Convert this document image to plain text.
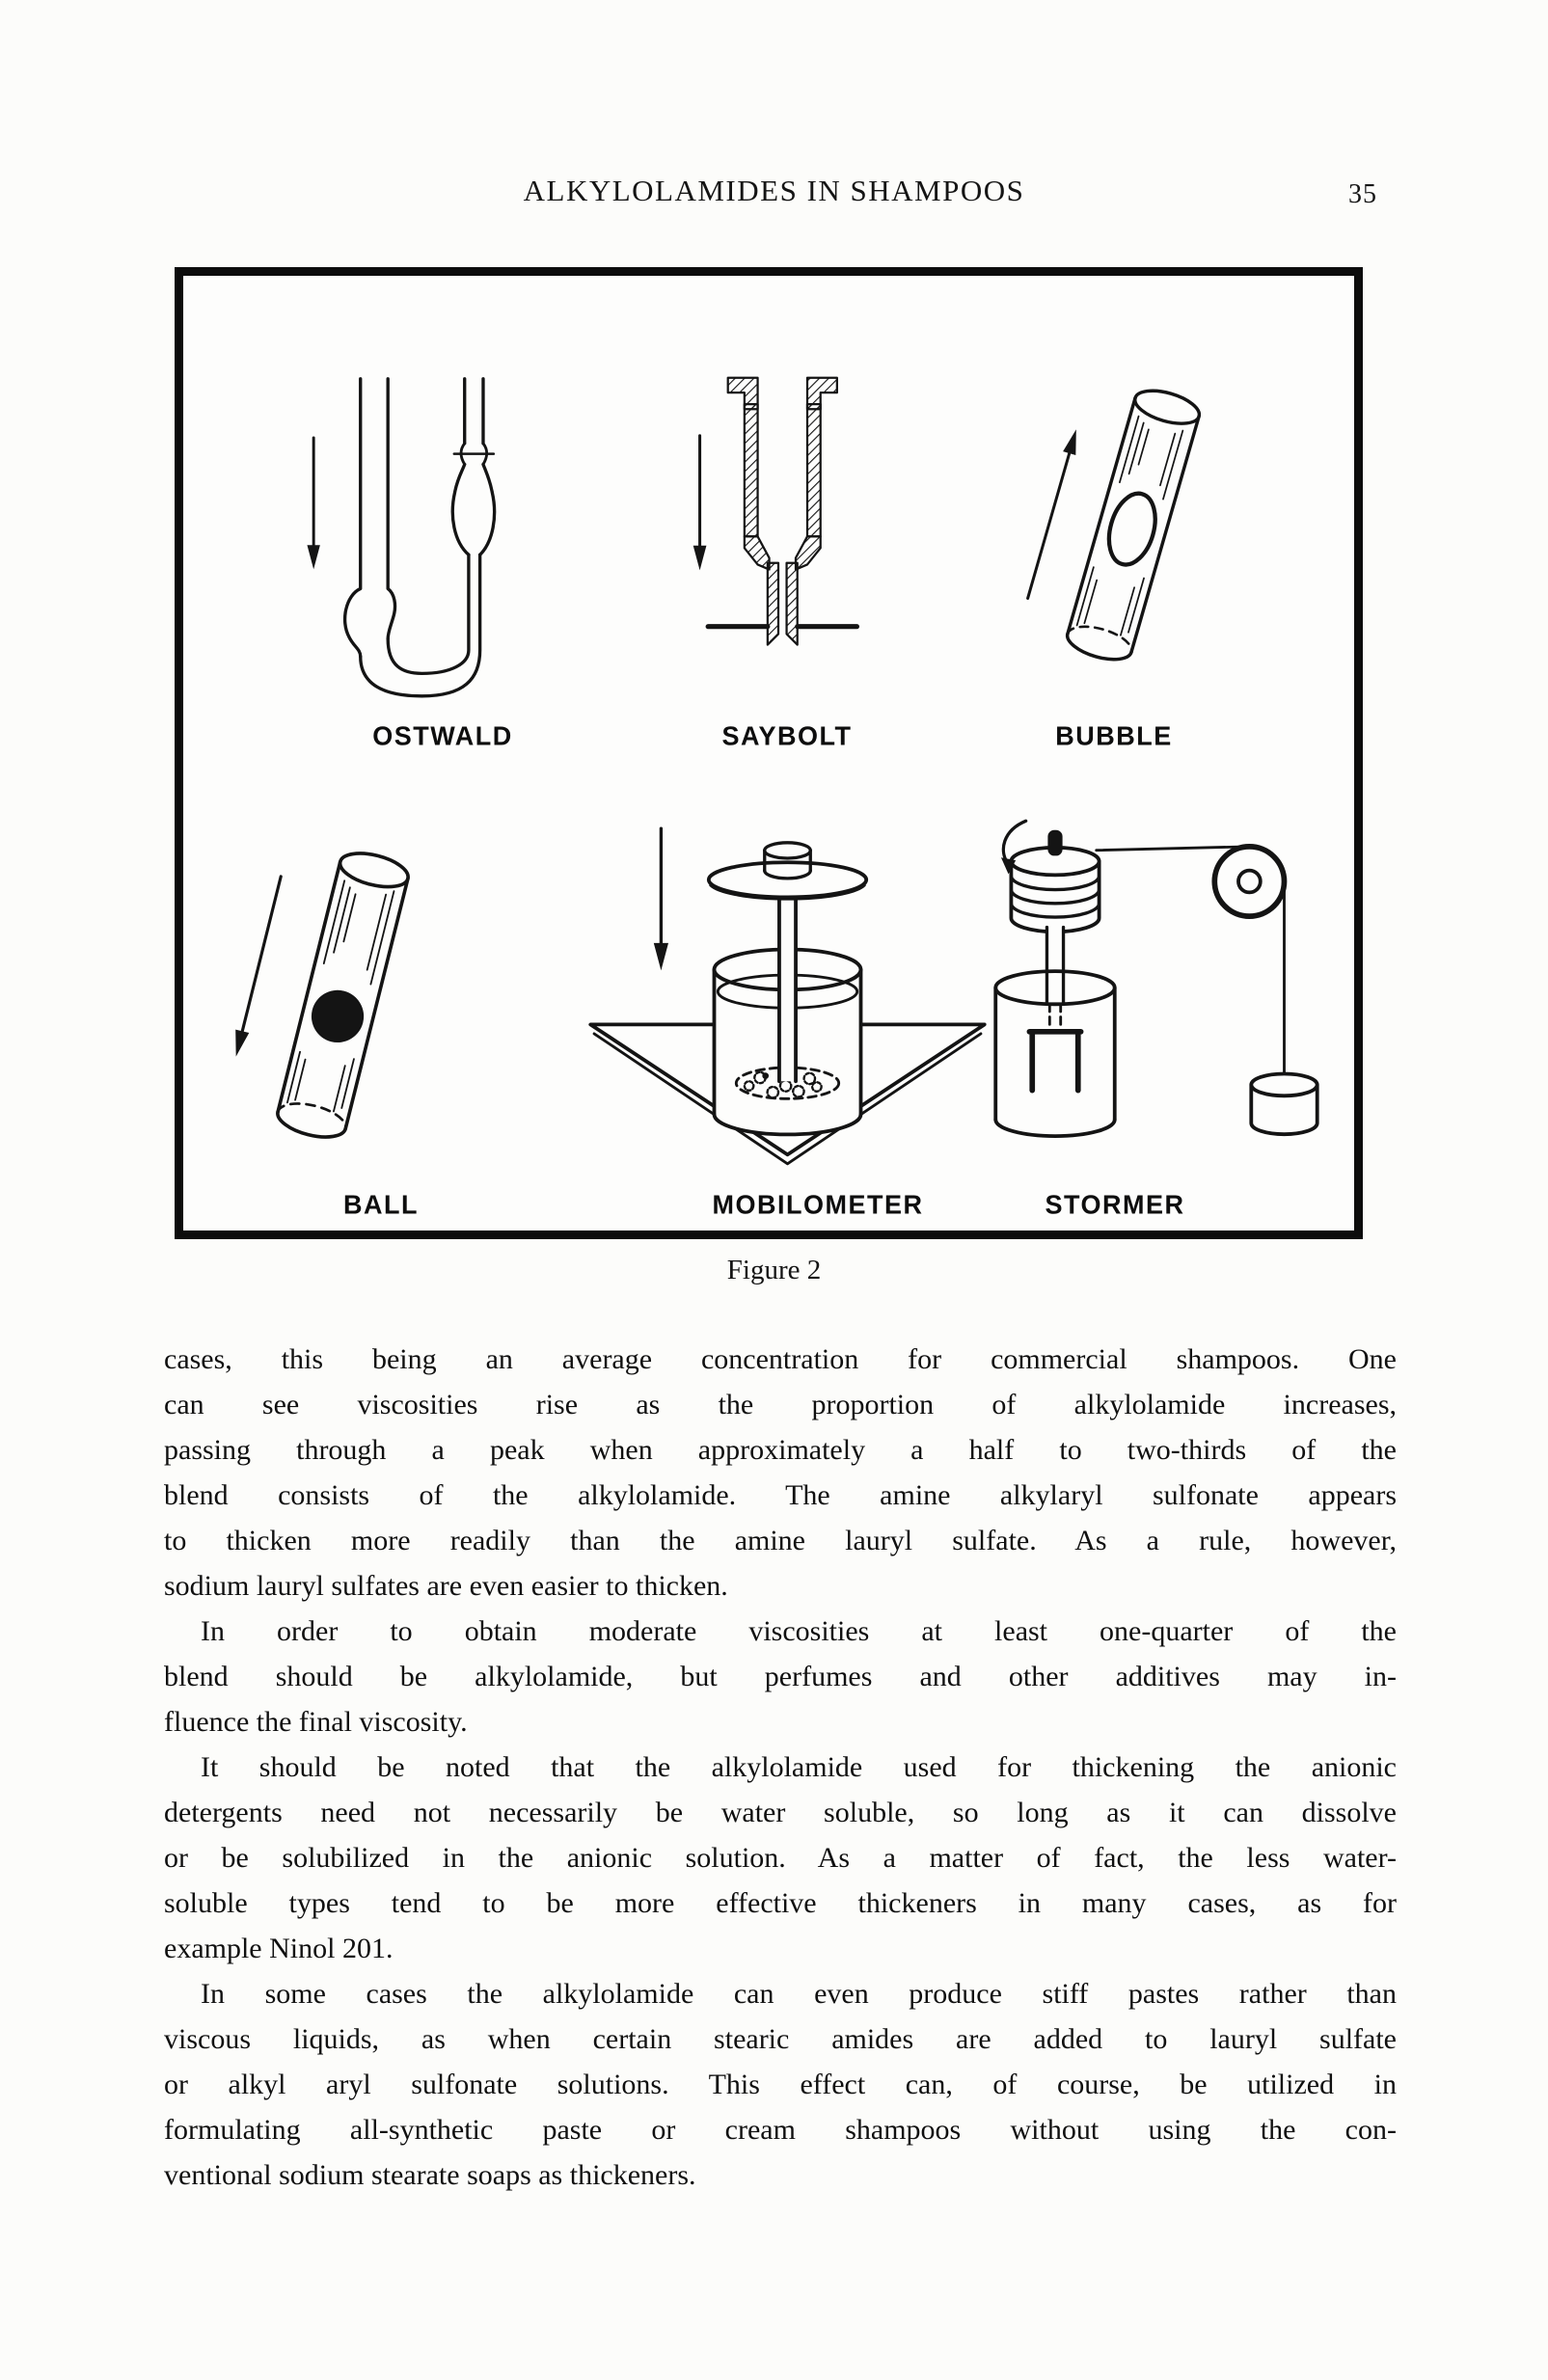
ALKYLOLAMIDES IN SHAMPOOS	35
OSTWALD	SAYBOLT	BUBBLE
BALL	MOBILOMETER	STORMER
Figure 2
cases, this being an average concentration for commercial shampoos. One
can see viscosities rise as the proportion of alkylolamide increases,
passing through a peak when approximately a half to two-thirds of the
blend consists of the alkylolamide. The amine alkylaryl sulfonate appears
to thicken more readily than the amine lauryl sulfate. As a rule, however,
sodium lauryl sulfates are even easier to thicken.
In order to obtain moderate viscosities at least one-quarter of the
blend should be alkylolamide, but perfumes and other additives may in-
fluence the final viscosity.
It should be noted that the alkylolamide used for thickening the anionic
detergents need not necessarily be water soluble, so long as it can dissolve
or be solubilized in the anionic solution. As a matter of fact, the less water-
soluble types tend to be more effective thickeners in many cases, as for
example Ninol 201.
In some cases the alkylolamide can even produce stiff pastes rather than
viscous liquids, as when certain stearic amides are added to lauryl sulfate
or alkyl aryl sulfonate solutions. This effect can, of course, be utilized in
formulating all-synthetic paste or cream shampoos without using the con-
ventional sodium stearate soaps as thickeners.
